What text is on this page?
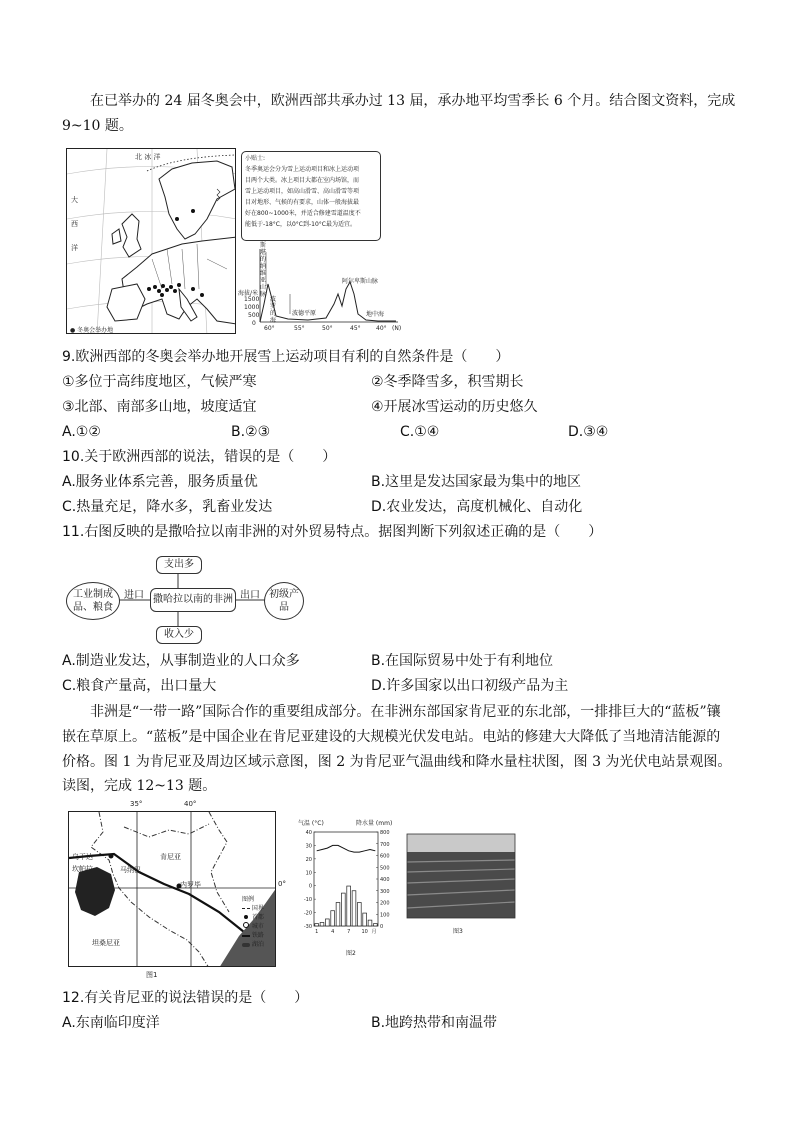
在已举办的 24 届冬奥会中，欧洲西部共承办过 13 届，承办地平均雪季长 6 个月。结合图文资料，完成
9~10 题。
北 冰 洋
大
西
洋
● 冬奥会举办地
小贴士:
冬季奥运会分为雪上运动项目和冰上运动项
目两个大类。冰上项目大都在室内场馆，而
雪上运动项目，如高山滑雪、高山滑雪等项
目对地形、气候的有要求，山体一般海拔最
好在800~1000米，并适合修建雪道温度不
能低于-18°C，以0°C到-10°C最为适宜。
海拔/米
1500
1000
500
0
60°	55°	50°	45°	40° (N)
斯堪的纳维亚山脉
波德平原
阿尔卑斯山脉
地中海
波罗的海
9.欧洲西部的冬奥会举办地开展雪上运动项目有利的自然条件是（　　）
①多位于高纬度地区，气候严寒	②冬季降雪多，积雪期长
③北部、南部多山地，坡度适宜	④开展冰雪运动的历史悠久
A.①②	B.②③	C.①④	D.③④
10.关于欧洲西部的说法，错误的是（　　）
A.服务业体系完善，服务质量优	B.这里是发达国家最为集中的地区
C.热量充足，降水多，乳畜业发达	D.农业发达，高度机械化、自动化
11.右图反映的是撒哈拉以南非洲的对外贸易特点。据图判断下列叙述正确的是（　　）
支出多
撒哈拉以南的非洲
收入少
工业制成品、粮食
初级产品
进口	出口
A.制造业发达，从事制造业的人口众多	B.在国际贸易中处于有利地位
C.粮食产量高，出口量大	D.许多国家以出口初级产品为主
非洲是“一带一路”国际合作的重要组成部分。在非洲东部国家肯尼亚的东北部，一排排巨大的“蓝板”镶
嵌在草原上。“蓝板”是中国企业在肯尼亚建设的大规模光伏发电站。电站的修建大大降低了当地清洁能源的
价格。图 1 为肯尼亚及周边区域示意图，图 2 为肯尼亚气温曲线和降水量柱状图，图 3 为光伏电站景观图。
读图，完成 12~13 题。
35°	40°
乌干达
坎帕拉
肯尼亚
马纳巴
内罗毕
坦桑尼亚
0°
图例
国界
首都
城市
铁路
湖泊
图1
气温 (°C)	降水量 (mm)
40
30
20
10
0
-10
-20
-30
800
700
600
500
400
300
200
100
0
1	4	7 10 月
图2
图3
12.有关肯尼亚的说法错误的是（　　）
A.东南临印度洋	B.地跨热带和南温带
